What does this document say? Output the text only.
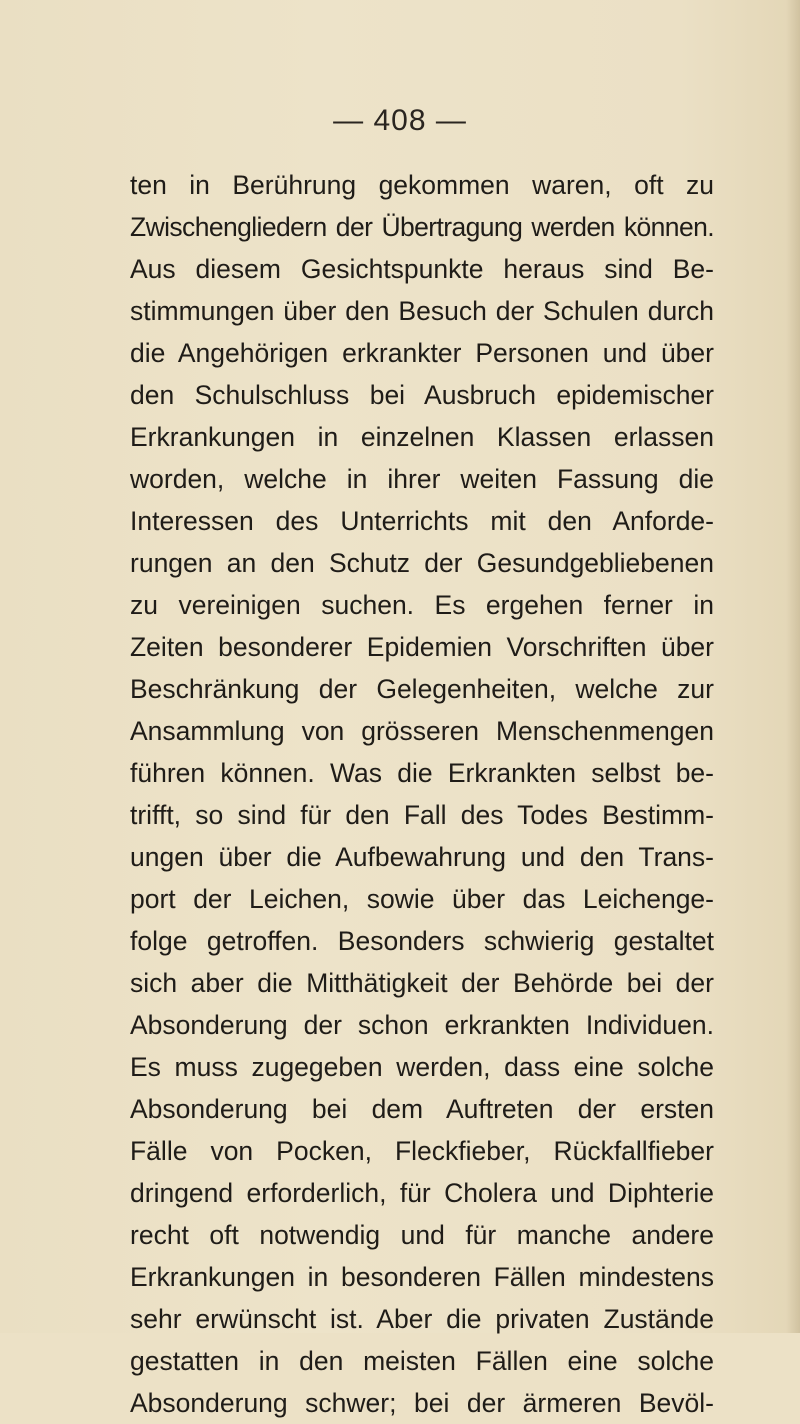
— 408 —
ten in Berührung gekommen waren, oft zu
Zwischengliedern der Übertragung werden können.
Aus diesem Gesichtspunkte heraus sind Be-
stimmungen über den Besuch der Schulen durch
die Angehörigen erkrankter Personen und über
den Schulschluss bei Ausbruch epidemischer
Erkrankungen in einzelnen Klassen erlassen
worden, welche in ihrer weiten Fassung die
Interessen des Unterrichts mit den Anforde-
rungen an den Schutz der Gesundgebliebenen
zu vereinigen suchen. Es ergehen ferner in
Zeiten besonderer Epidemien Vorschriften über
Beschränkung der Gelegenheiten, welche zur
Ansammlung von grösseren Menschenmengen
führen können. Was die Erkrankten selbst be-
trifft, so sind für den Fall des Todes Bestimm-
ungen über die Aufbewahrung und den Trans-
port der Leichen, sowie über das Leichenge-
folge getroffen. Besonders schwierig gestaltet
sich aber die Mitthätigkeit der Behörde bei der
Absonderung der schon erkrankten Individuen.
Es muss zugegeben werden, dass eine solche
Absonderung bei dem Auftreten der ersten
Fälle von Pocken, Fleckfieber, Rückfallfieber
dringend erforderlich, für Cholera und Diphterie
recht oft notwendig und für manche andere
Erkrankungen in besonderen Fällen mindestens
sehr erwünscht ist. Aber die privaten Zustände
gestatten in den meisten Fällen eine solche
Absonderung schwer; bei der ärmeren Bevöl-
